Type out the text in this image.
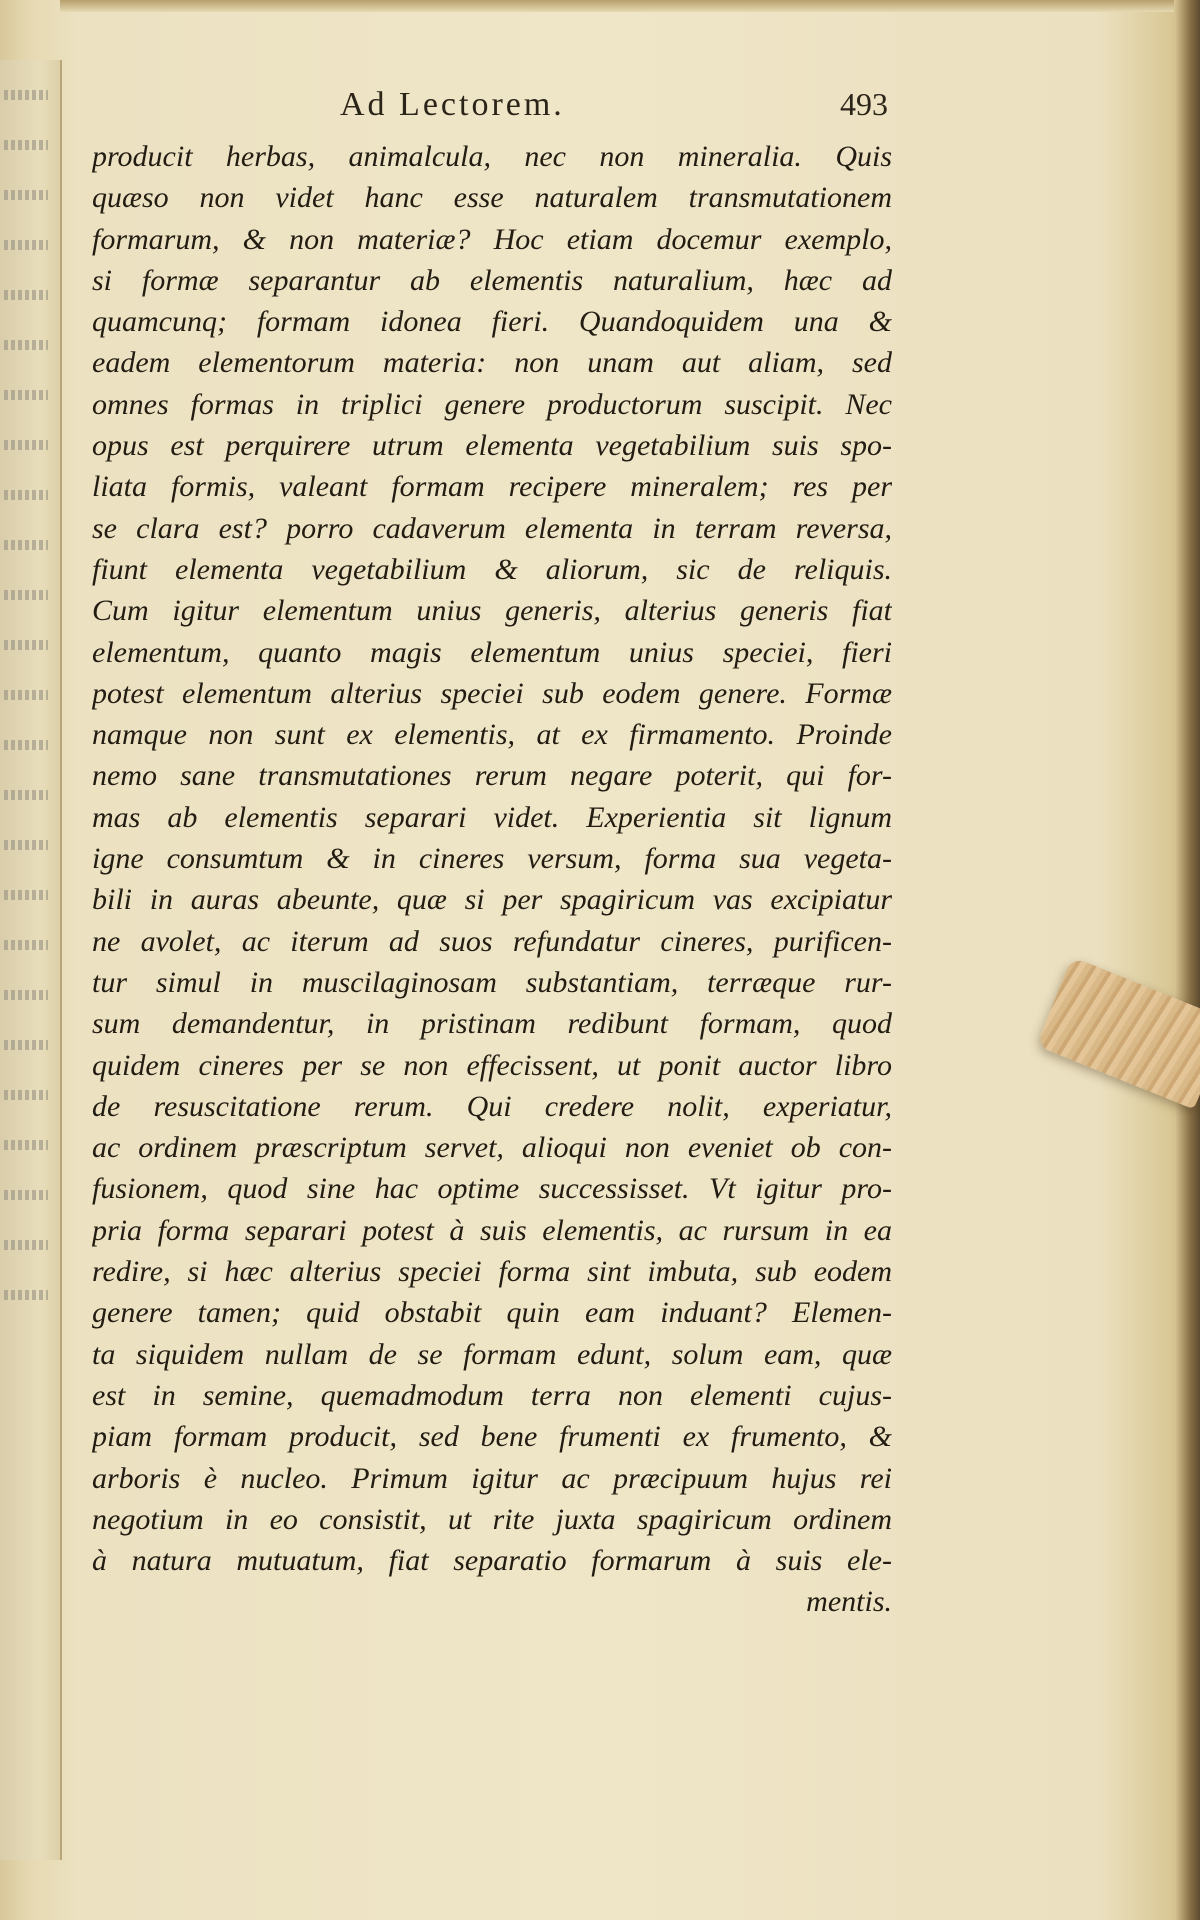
Ad Lectorem.	493
producit herbas, animalcula, nec non mineralia. Quis
quæso non videt hanc esse naturalem transmutationem
formarum, & non materiæ? Hoc etiam docemur exemplo,
si formæ separantur ab elementis naturalium, hæc ad
quamcunq; formam idonea fieri. Quandoquidem una &
eadem elementorum materia: non unam aut aliam, sed
omnes formas in triplici genere productorum suscipit. Nec
opus est perquirere utrum elementa vegetabilium suis spo-
liata formis, valeant formam recipere mineralem; res per
se clara est? porro cadaverum elementa in terram reversa,
fiunt elementa vegetabilium & aliorum, sic de reliquis.
Cum igitur elementum unius generis, alterius generis fiat
elementum, quanto magis elementum unius speciei, fieri
potest elementum alterius speciei sub eodem genere. Formæ
namque non sunt ex elementis, at ex firmamento. Proinde
nemo sane transmutationes rerum negare poterit, qui for-
mas ab elementis separari videt. Experientia sit lignum
igne consumtum & in cineres versum, forma sua vegeta-
bili in auras abeunte, quæ si per spagiricum vas excipiatur
ne avolet, ac iterum ad suos refundatur cineres, purificen-
tur simul in muscilaginosam substantiam, terræque rur-
sum demandentur, in pristinam redibunt formam, quod
quidem cineres per se non effecissent, ut ponit auctor libro
de resuscitatione rerum. Qui credere nolit, experiatur,
ac ordinem præscriptum servet, alioqui non eveniet ob con-
fusionem, quod sine hac optime successisset. Vt igitur pro-
pria forma separari potest à suis elementis, ac rursum in ea
redire, si hæc alterius speciei forma sint imbuta, sub eodem
genere tamen; quid obstabit quin eam induant? Elemen-
ta siquidem nullam de se formam edunt, solum eam, quæ
est in semine, quemadmodum terra non elementi cujus-
piam formam producit, sed bene frumenti ex frumento, &
arboris è nucleo. Primum igitur ac præcipuum hujus rei
negotium in eo consistit, ut rite juxta spagiricum ordinem
à natura mutuatum, fiat separatio formarum à suis ele-
mentis.
